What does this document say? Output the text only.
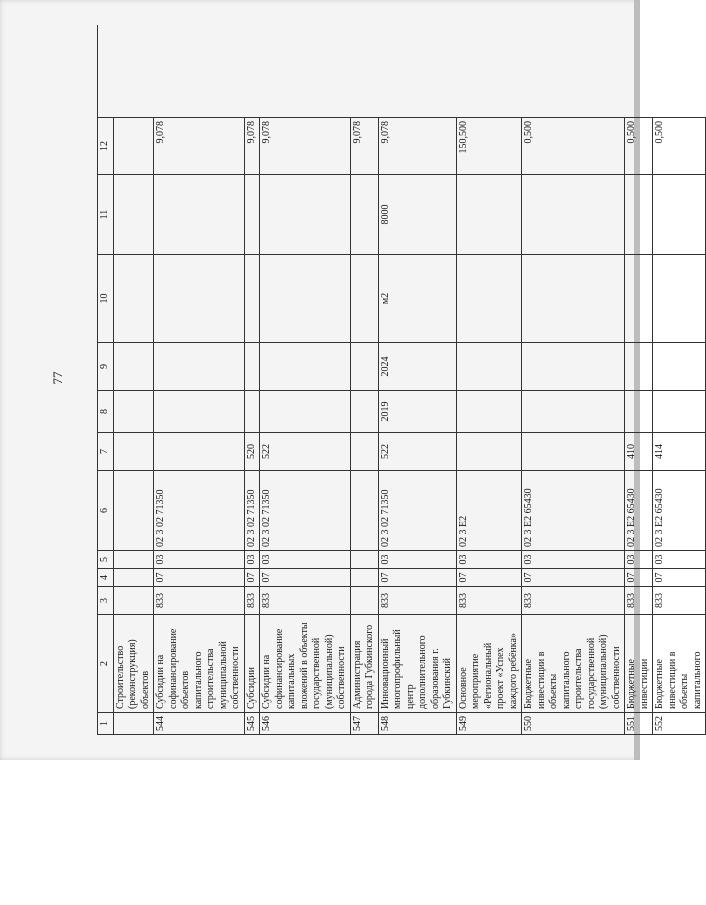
77
1
2
3
4
5
6
7
8
9
10
11
12
Строительство (реконструкция) объектов
544
Субсидии на софинансирование объектов капитального строительства муниципальной собственности
833
07
03
02 3 02 71350
9,078
545
Субсидии
833
07
03
02 3 02 71350
520
9,078
546
Субсидии на софинансирование капитальных вложений в объекты государственной (муниципальной) собственности
833
07
03
02 3 02 71350
522
9,078
547
Администрация города Губкинского
9,078
548
Инновационный многопрофильный центр дополнительного образования г. Губкинский
833
07
03
02 3 02 71350
522
2019
2024
м2
8000
9,078
549
Основное мероприятие «Региональный проект «Успех каждого ребёнка»
833
07
03
02 3 E2
150,500
550
Бюджетные инвестиции в объекты капитального строительства государственной (муниципальной) собственности
833
07
03
02 3 E2 65430
0,500
551
Бюджетные инвестиции
833
07
03
02 3 E2 65430
410
0,500
552
Бюджетные инвестиции в объекты капитального
833
07
03
02 3 E2 65430
414
0,500
